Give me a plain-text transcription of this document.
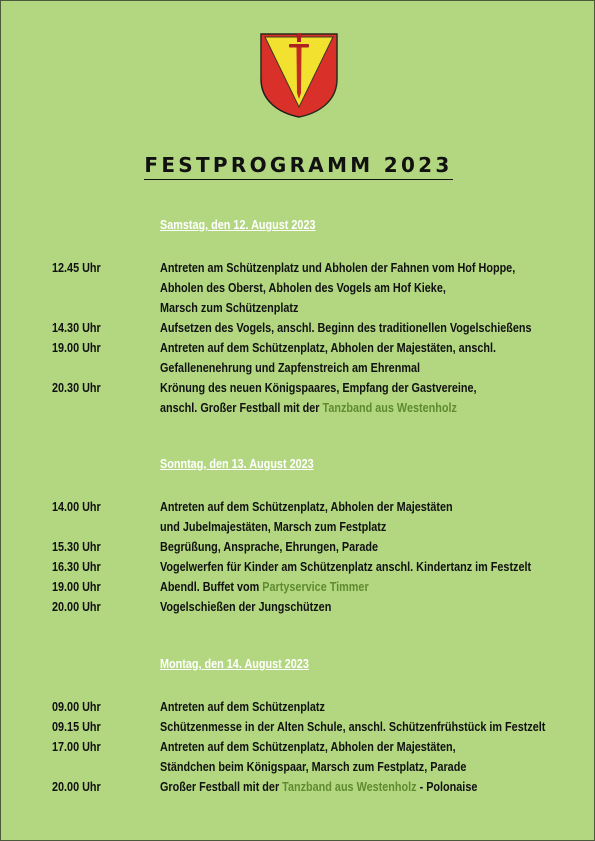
FESTPROGRAMM 2023
Samstag, den 12. August 2023
12.45 Uhr	Antreten am Schützenplatz und Abholen der Fahnen vom Hof Hoppe,
Abholen des Oberst, Abholen des Vogels am Hof Kieke,
Marsch zum Schützenplatz
14.30 Uhr	Aufsetzen des Vogels, anschl. Beginn des traditionellen Vogelschießens
19.00 Uhr	Antreten auf dem Schützenplatz, Abholen der Majestäten, anschl.
Gefallenenehrung und Zapfenstreich am Ehrenmal
20.30 Uhr	Krönung des neuen Königspaares, Empfang der Gastvereine,
anschl. Großer Festball mit der Tanzband aus Westenholz
Sonntag, den 13. August 2023
14.00 Uhr	Antreten auf dem Schützenplatz, Abholen der Majestäten
und Jubelmajestäten, Marsch zum Festplatz
15.30 Uhr	Begrüßung, Ansprache, Ehrungen, Parade
16.30 Uhr	Vogelwerfen für Kinder am Schützenplatz anschl. Kindertanz im Festzelt
19.00 Uhr	Abendl. Buffet vom Partyservice Timmer
20.00 Uhr	Vogelschießen der Jungschützen
Montag, den 14. August 2023
09.00 Uhr	Antreten auf dem Schützenplatz
09.15 Uhr	Schützenmesse in der Alten Schule, anschl. Schützenfrühstück im Festzelt
17.00 Uhr	Antreten auf dem Schützenplatz, Abholen der Majestäten,
Ständchen beim Königspaar, Marsch zum Festplatz, Parade
20.00 Uhr	Großer Festball mit der Tanzband aus Westenholz - Polonaise
